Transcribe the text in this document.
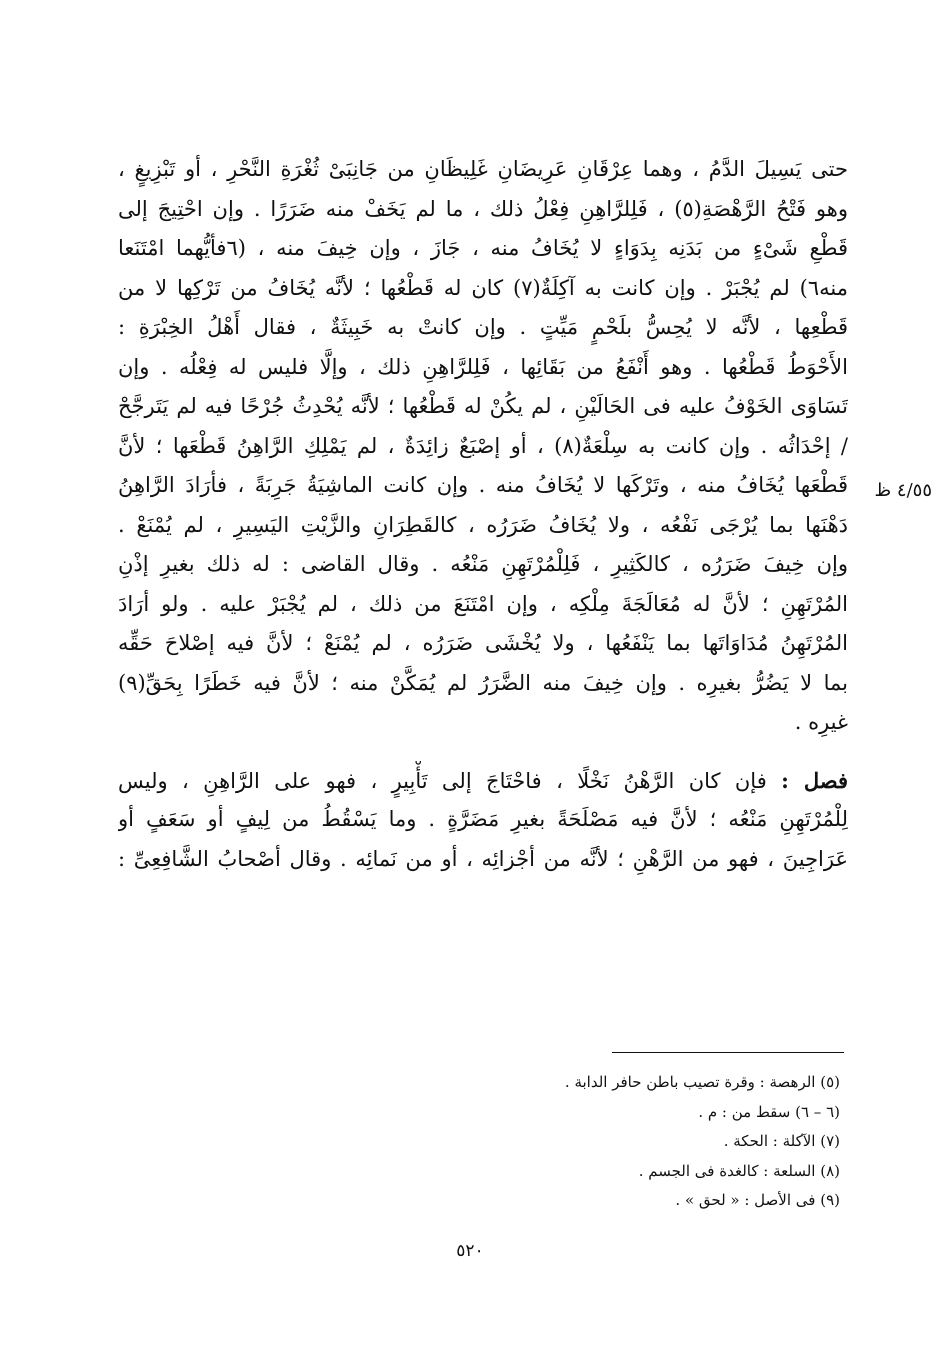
حتى يَسِيلَ الدَّمُ ، وهما عِرْقَانِ عَرِيضَانِ غَلِيظَانِ من جَانِبَىْ ثُغْرَةِ النَّحْرِ ، أو تَبْزِيغٍ ،
وهو فَتْحُ الرَّهْصَةِ(٥) ، فَلِلرَّاهِنِ فِعْلُ ذلك ، ما لم يَخَفْ منه ضَرَرًا . وإن احْتِيجَ إلى
قَطْعِ شَىْءٍ من بَدَنِه بِدَوَاءٍ لا يُخَافُ منه ، جَازَ ، وإن خِيفَ منه ، (٦فأيُّهما امْتَنَعا
منه٦) لم يُجْبَرْ . وإن كانت به آكِلَةٌ(٧) كان له قَطْعُها ؛ لأنَّه يُخَافُ من تَرْكِها لا من
قَطْعِها ، لأنَّه لا يُحِسُّ بلَحْمٍ مَيِّتٍ . وإن كانتْ به خَبِيثَةٌ ، فقال أَهْلُ الخِبْرَةِ :
الأَحْوَطُ قَطْعُها . وهو أَنْفَعُ من بَقَائِها ، فَلِلرَّاهِنِ ذلك ، وإلَّا فليس له فِعْلُه . وإن
تَسَاوَى الخَوْفُ عليه فى الحَالَيْنِ ، لم يكُنْ له قَطْعُها ؛ لأنَّه يُحْدِثُ جُرْحًا فيه لم يَتَرجَّحْ
/ إحْدَاثُه . وإن كانت به سِلْعَةٌ(٨) ، أو إصْبَعٌ زائِدَةٌ ، لم يَمْلِكِ الرَّاهِنُ قَطْعَها ؛ لأنَّ
قَطْعَها يُخَافُ منه ، وتَرْكَها لا يُخَافُ منه . وإن كانت الماشِيَةُ جَرِبَةً ، فأرَادَ الرَّاهِنُ
دَهْنَها بما يُرْجَى نَفْعُه ، ولا يُخَافُ ضَرَرُه ، كالقَطِرَانِ والزَّيْتِ اليَسِيرِ ، لم يُمْنَعْ .
وإن خِيفَ ضَرَرُه ، كالكَثِيرِ ، فَلِلْمُرْتَهِنِ مَنْعُه . وقال القاضى : له ذلك بغيرِ إذْنِ
المُرْتَهِنِ ؛ لأنَّ له مُعَالَجَةَ مِلْكِه ، وإن امْتَنَعَ من ذلك ، لم يُجْبَرْ عليه . ولو أرَادَ
المُرْتَهِنُ مُدَاوَاتَها بما يَنْفَعُها ، ولا يُخْشَى ضَرَرُه ، لم يُمْنَعْ ؛ لأنَّ فيه إصْلاحَ حَقِّه
بما لا يَضُرُّ بغيرِه . وإن خِيفَ منه الضَّرَرُ لم يُمَكَّنْ منه ؛ لأنَّ فيه خَطَرًا بِحَقِّ(٩)
غيرِه .
فصل : فإن كان الرَّهْنُ نَخْلًا ، فاحْتَاجَ إلى تَأْبِيرٍ ، فهو على الرَّاهِنِ ، وليس
لِلْمُرْتَهِنِ مَنْعُه ؛ لأنَّ فيه مَصْلَحَةً بغيرِ مَضَرَّةٍ . وما يَسْقُطُ من لِيفٍ أو سَعَفٍ أو
عَرَاجِينَ ، فهو من الرَّهْنِ ؛ لأنَّه من أجْزائِه ، أو من نَمائِه . وقال أصْحابُ الشَّافِعِىِّ :
٤/٥٥ ظ
(٥) الرهصة : وقرة تصيب باطن حافر الدابة .
(٦ – ٦) سقط من : م .
(٧) الآكلة : الحكة .
(٨) السلعة : كالغدة فى الجسم .
(٩) فى الأصل : « لحق » .
٥٢٠
